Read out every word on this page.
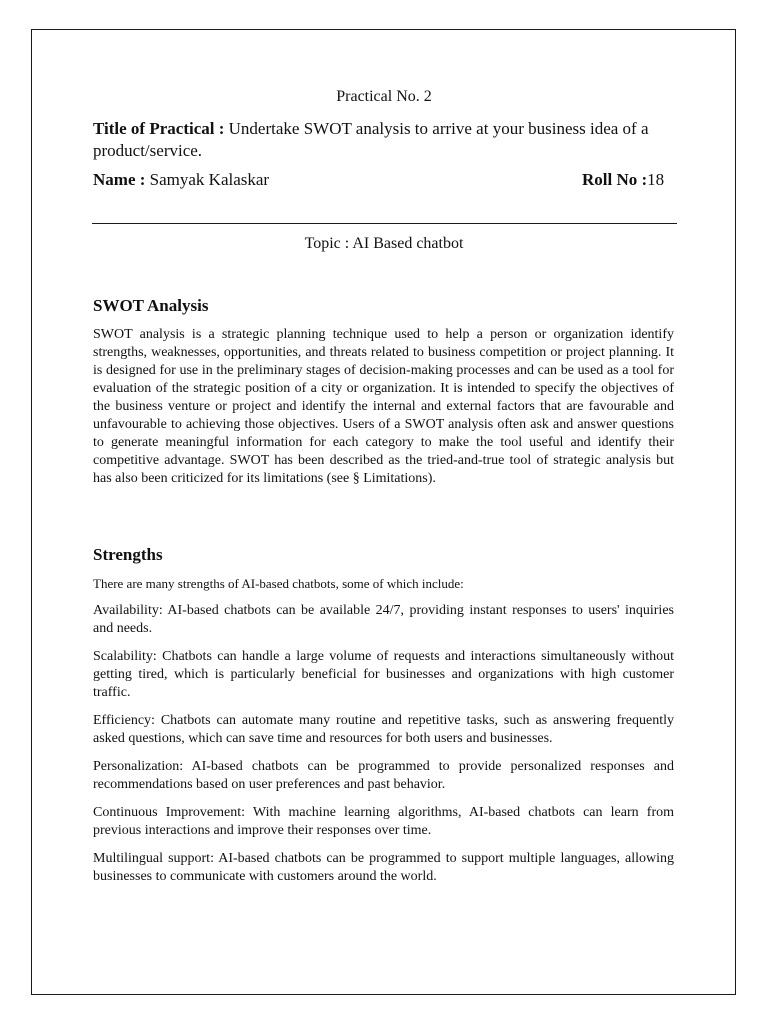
Practical No. 2
Title of Practical : Undertake SWOT analysis to arrive at your business idea of a product/service.
Name : Samyak Kalaskar	Roll No :18
Topic : AI Based chatbot
SWOT Analysis

SWOT analysis is a strategic planning technique used to help a person or organization identify strengths, weaknesses, opportunities, and threats related to business competition or project planning. It is designed for use in the preliminary stages of decision-making processes and can be used as a tool for evaluation of the strategic position of a city or organization. It is intended to specify the objectives of the business venture or project and identify the internal and external factors that are favourable and unfavourable to achieving those objectives. Users of a SWOT analysis often ask and answer questions to generate meaningful information for each category to make the tool useful and identify their competitive advantage. SWOT has been described as the tried-and-true tool of strategic analysis but has also been criticized for its limitations (see § Limitations).

Strengths
There are many strengths of AI-based chatbots, some of which include:

Availability: AI-based chatbots can be available 24/7, providing instant responses to users' inquiries and needs.

Scalability: Chatbots can handle a large volume of requests and interactions simultaneously without getting tired, which is particularly beneficial for businesses and organizations with high customer traffic.

Efficiency: Chatbots can automate many routine and repetitive tasks, such as answering frequently asked questions, which can save time and resources for both users and businesses.

Personalization: AI-based chatbots can be programmed to provide personalized responses and recommendations based on user preferences and past behavior.

Continuous Improvement: With machine learning algorithms, AI-based chatbots can learn from previous interactions and improve their responses over time.

Multilingual support: AI-based chatbots can be programmed to support multiple languages, allowing businesses to communicate with customers around the world.
